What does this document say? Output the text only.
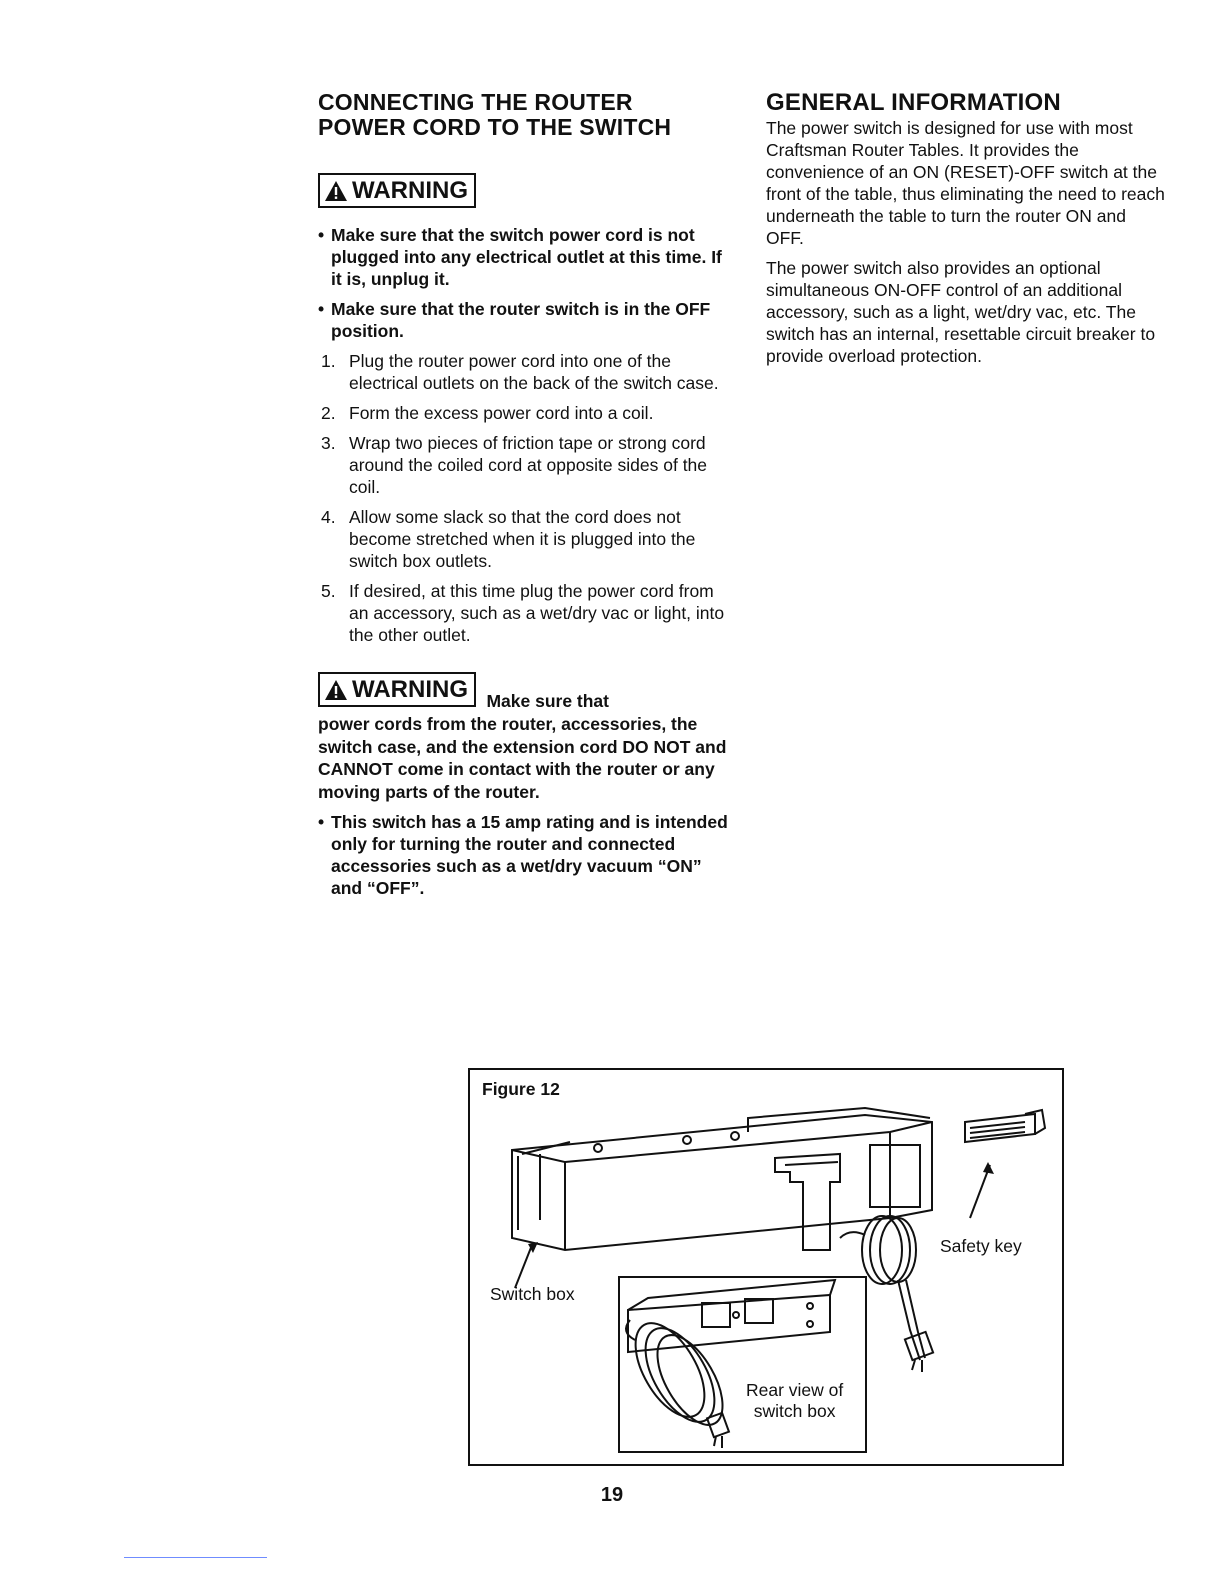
CONNECTING THE ROUTER
POWER CORD TO THE SWITCH
WARNING
• Make sure that the switch power cord is not plugged into any electrical outlet at this time. If it is, unplug it.
• Make sure that the router switch is in the OFF position.
1. Plug the router power cord into one of the electrical outlets on the back of the switch case.
2. Form the excess power cord into a coil.
3. Wrap two pieces of friction tape or strong cord around the coiled cord at opposite sides of the coil.
4. Allow some slack so that the cord does not become stretched when it is plugged into the switch box outlets.
5. If desired, at this time plug the power cord from an accessory, such as a wet/dry vac or light, into the other outlet.
WARNING Make sure that

power cords from the router, accessories, the switch case, and the extension cord DO NOT and CANNOT come in contact with the router or any moving parts of the router.

• This switch has a 15 amp rating and is intended only for turning the router and connected accessories such as a wet/dry vacuum “ON” and “OFF”.
GENERAL INFORMATION

The power switch is designed for use with most Craftsman Router Tables. It provides the convenience of an ON (RESET)-OFF switch at the front of the table, thus eliminating the need to reach underneath the table to turn the router ON and OFF.

The power switch also provides an optional simultaneous ON-OFF control of an additional accessory, such as a light, wet/dry vac, etc. The switch has an internal, resettable circuit breaker to provide overload protection.

Figure 12
Switch box
Safety key
Rear view of
switch box
19
